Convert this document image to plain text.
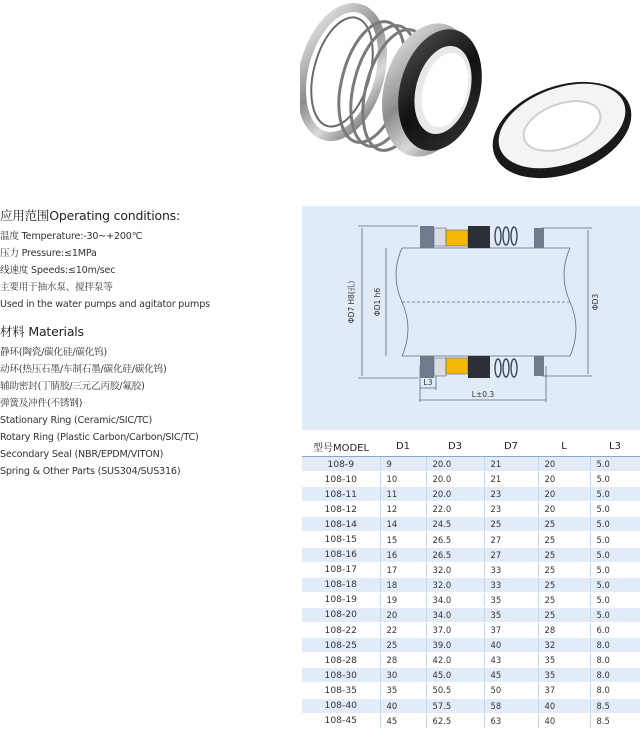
应用范围Operating conditions:
温度 Temperature:-30~+200℃
压力 Pressure:≤1MPa
线速度 Speeds:≤10m/sec
主要用于抽水泵、搅拌泵等
Used in the water pumps and agitator pumps
材料 Materials
静环(陶瓷/碳化硅/碳化钨)
动环(热压石墨/车制石墨/碳化硅/碳化钨)
辅助密封(丁腈胶/三元乙丙胶/氟胶)
弹簧及冲件(不锈钢)
Stationary Ring (Ceramic/SIC/TC)
Rotary Ring (Plastic Carbon/Carbon/SIC/TC)
Secondary Seal (NBR/EPDM/VITON)
Spring & Other Parts (SUS304/SUS316)
ΦD7 H8(孔) ΦD1 h6	ΦD3
L3
L±0.3
型号MODEL	D1	D3	D7	L	L3
108-9	9	20.0	21	20	5.0
108-10	10	20.0	21	20	5.0
108-11	11	20.0	23	20	5.0
108-12	12	22.0	23	20	5.0
108-14	14	24.5	25	25	5.0
108-15	15	26.5	27	25	5.0
108-16	16	26.5	27	25	5.0
108-17	17	32.0	33	25	5.0
108-18	18	32.0	33	25	5.0
108-19	19	34.0	35	25	5.0
108-20	20	34.0	35	25	5.0
108-22	22	37.0	37	28	6.0
108-25	25	39.0	40	32	8.0
108-28	28	42.0	43	35	8.0
108-30	30	45.0	45	35	8.0
108-35	35	50.5	50	37	8.0
108-40	40	57.5	58	40	8.5
108-45	45	62.5	63	40	8.5
